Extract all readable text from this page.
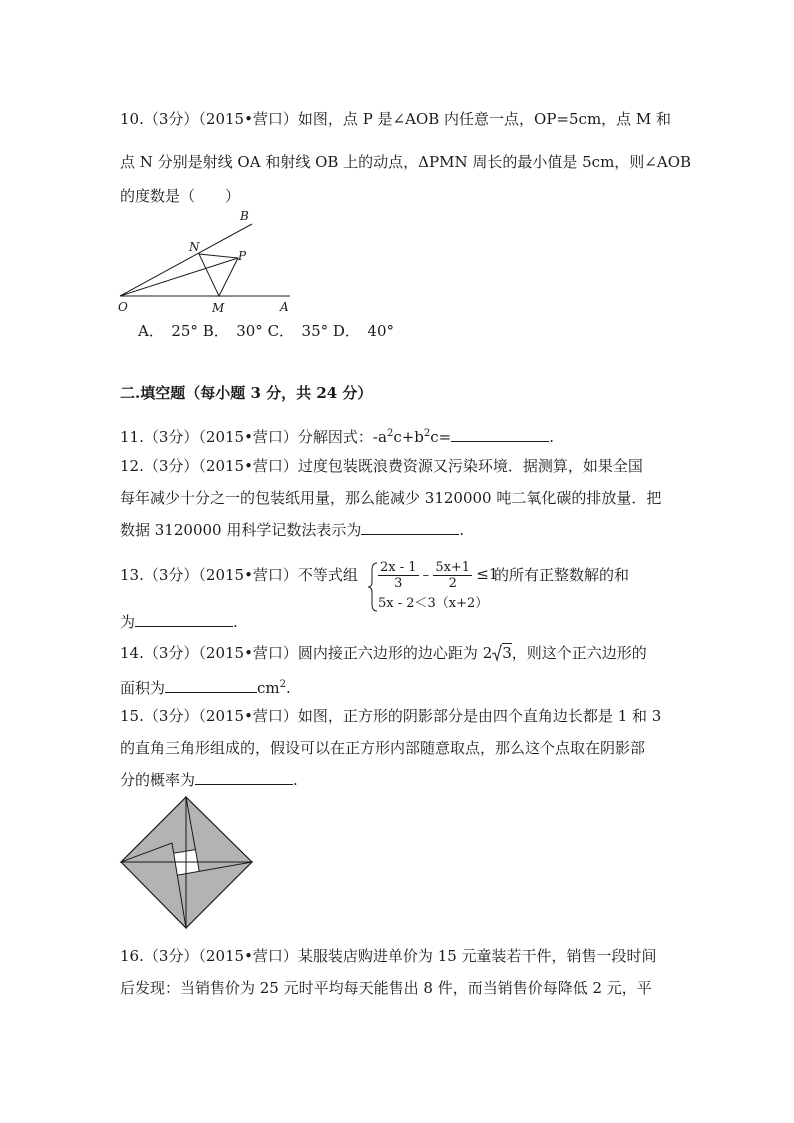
10.（3分）（2015•营口）如图，点 P 是∠AOB 内任意一点，OP=5cm，点 M 和
点 N 分别是射线 OA 和射线 OB 上的动点，ΔPMN 周长的最小值是 5cm，则∠AOB
的度数是（　　）
B
N
P
O	M	A
A．　25° B．　30° C．　35° D．　40°
二.填空题（每小题 3 分，共 24 分）
11.（3分）（2015•营口）分解因式：$-a^2c+b^2c=$	.
12.（3分）（2015•营口）过度包装既浪费资源又污染环境．据测算，如果全国
每年减少十分之一的包装纸用量，那么能减少 3120000 吨二氧化碳的排放量．把
数据 3120000 用科学记数法表示为	.
13.（3分）（2015•营口）不等式组 $\frac{2x - 1}{3} - \frac{5x+1}{2} \le 1$
5x - 2＜3（x+2）
的所有正整数解的和
为	.
14.（3分）（2015•营口）圆内接正六边形的边心距为 2 3，则这个正六边形的
面积为	$cm^2$.
15.（3分）（2015•营口）如图，正方形的阴影部分是由四个直角边长都是 1 和 3
的直角三角形组成的，假设可以在正方形内部随意取点，那么这个点取在阴影部
分的概率为	.
16.（3分）（2015•营口）某服装店购进单价为 15 元童装若干件，销售一段时间
后发现：当销售价为 25 元时平均每天能售出 8 件，而当销售价每降低 2 元，平
